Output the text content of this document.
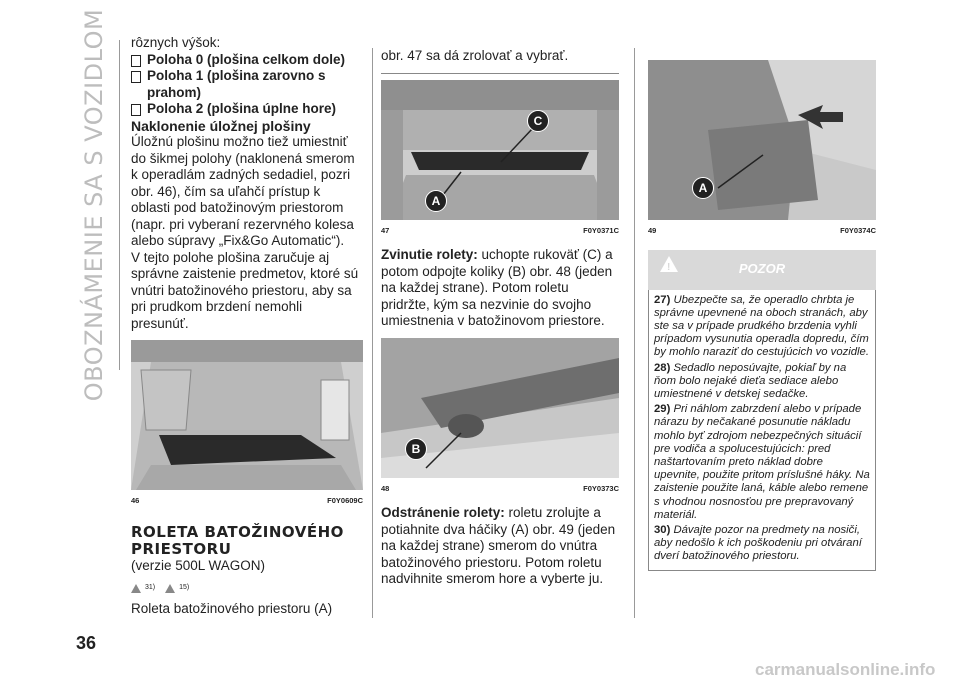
OBOZNÁMENIE SA S VOZIDLOM rôznych výšok:

Poloha 0 (plošina celkom dole)
Poloha 1 (plošina zarovno s prahom)
Poloha 2 (plošina úplne hore)

Naklonenie úložnej plošiny

Úložnú plošinu možno tiež umiestniť do šikmej polohy (naklonená smerom k operadlám zadných sedadiel, pozri obr. 46), čím sa uľahčí prístup k oblasti pod batožinovým priestorom (napr. pri vyberaní rezervného kolesa alebo súpravy „Fix&Go Automatic“).

V tejto polohe plošina zaručuje aj správne zaistenie predmetov, ktoré sú vnútri batožinového priestoru, aby sa pri prudkom brzdení nemohli presunúť.

46	F0Y0609C
ROLETA BATOŽINOVÉHO PRIESTORU

(verzie 500L WAGON)

31)	15)

Roleta batožinového priestoru (A)

obr. 47 sa dá zrolovať a vybrať.

A
C
47	F0Y0371C

Zvinutie rolety: uchopte rukoväť (C) a potom odpojte koliky (B) obr. 48 (jeden na každej strane). Potom roletu pridržte, kým sa nezvinie do svojho umiestnenia v batožinovom priestore.

B
48	F0Y0373C

Odstránenie rolety: roletu zrolujte a potiahnite dva háčiky (A) obr. 49 (jeden na každej strane) smerom do vnútra batožinového priestoru. Potom roletu nadvihnite smerom hore a vyberte ju.

A
49	F0Y0374C
!	POZOR

27) Ubezpečte sa, že operadlo chrbta je správne upevnené na oboch stranách, aby ste sa v prípade prudkého brzdenia vyhli prípadom vysunutia operadla dopredu, čím by mohlo naraziť do cestujúcich vo vozidle.

28) Sedadlo neposúvajte, pokiaľ by na ňom bolo nejaké dieťa sediace alebo umiestnené v detskej sedačke.

29) Pri náhlom zabrzdení alebo v prípade nárazu by nečakané posunutie nákladu mohlo byť zdrojom nebezpečných situácií pre vodiča a spolucestujúcich: pred naštartovaním preto náklad dobre upevnite, použite pritom príslušné háky. Na zaistenie použite laná, káble alebo remene s vhodnou nosnosťou pre prepravovaný materiál.

30) Dávajte pozor na predmety na nosiči, aby nedošlo k ich poškodeniu pri otváraní dverí batožinového priestoru.

36
carmanualsonline.info
